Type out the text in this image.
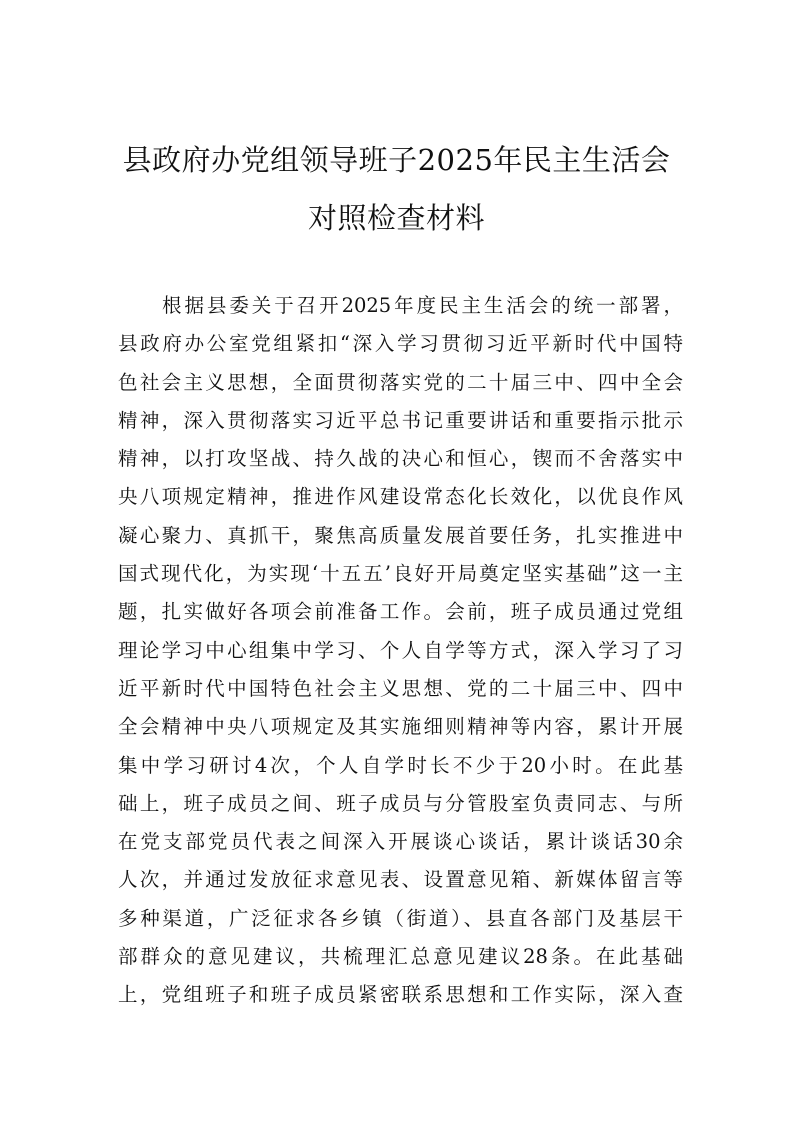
县政府办党组领导班子2025年民主生活会
对照检查材料
根据县委关于召开2025年度民主生活会的统一部署，
县政府办公室党组紧扣“深入学习贯彻习近平新时代中国特
色社会主义思想，全面贯彻落实党的二十届三中、四中全会
精神，深入贯彻落实习近平总书记重要讲话和重要指示批示
精神，以打攻坚战、持久战的决心和恒心，锲而不舍落实中
央八项规定精神，推进作风建设常态化长效化，以优良作风
凝心聚力、真抓干，聚焦高质量发展首要任务，扎实推进中
国式现代化，为实现‘十五五’良好开局奠定坚实基础”这一主
题，扎实做好各项会前准备工作。会前，班子成员通过党组
理论学习中心组集中学习、个人自学等方式，深入学习了习
近平新时代中国特色社会主义思想、党的二十届三中、四中
全会精神中央八项规定及其实施细则精神等内容，累计开展
集中学习研讨4次，个人自学时长不少于20小时。在此基
础上，班子成员之间、班子成员与分管股室负责同志、与所
在党支部党员代表之间深入开展谈心谈话，累计谈话30余
人次，并通过发放征求意见表、设置意见箱、新媒体留言等
多种渠道，广泛征求各乡镇（街道）、县直各部门及基层干
部群众的意见建议，共梳理汇总意见建议28条。在此基础
上，党组班子和班子成员紧密联系思想和工作实际，深入查
